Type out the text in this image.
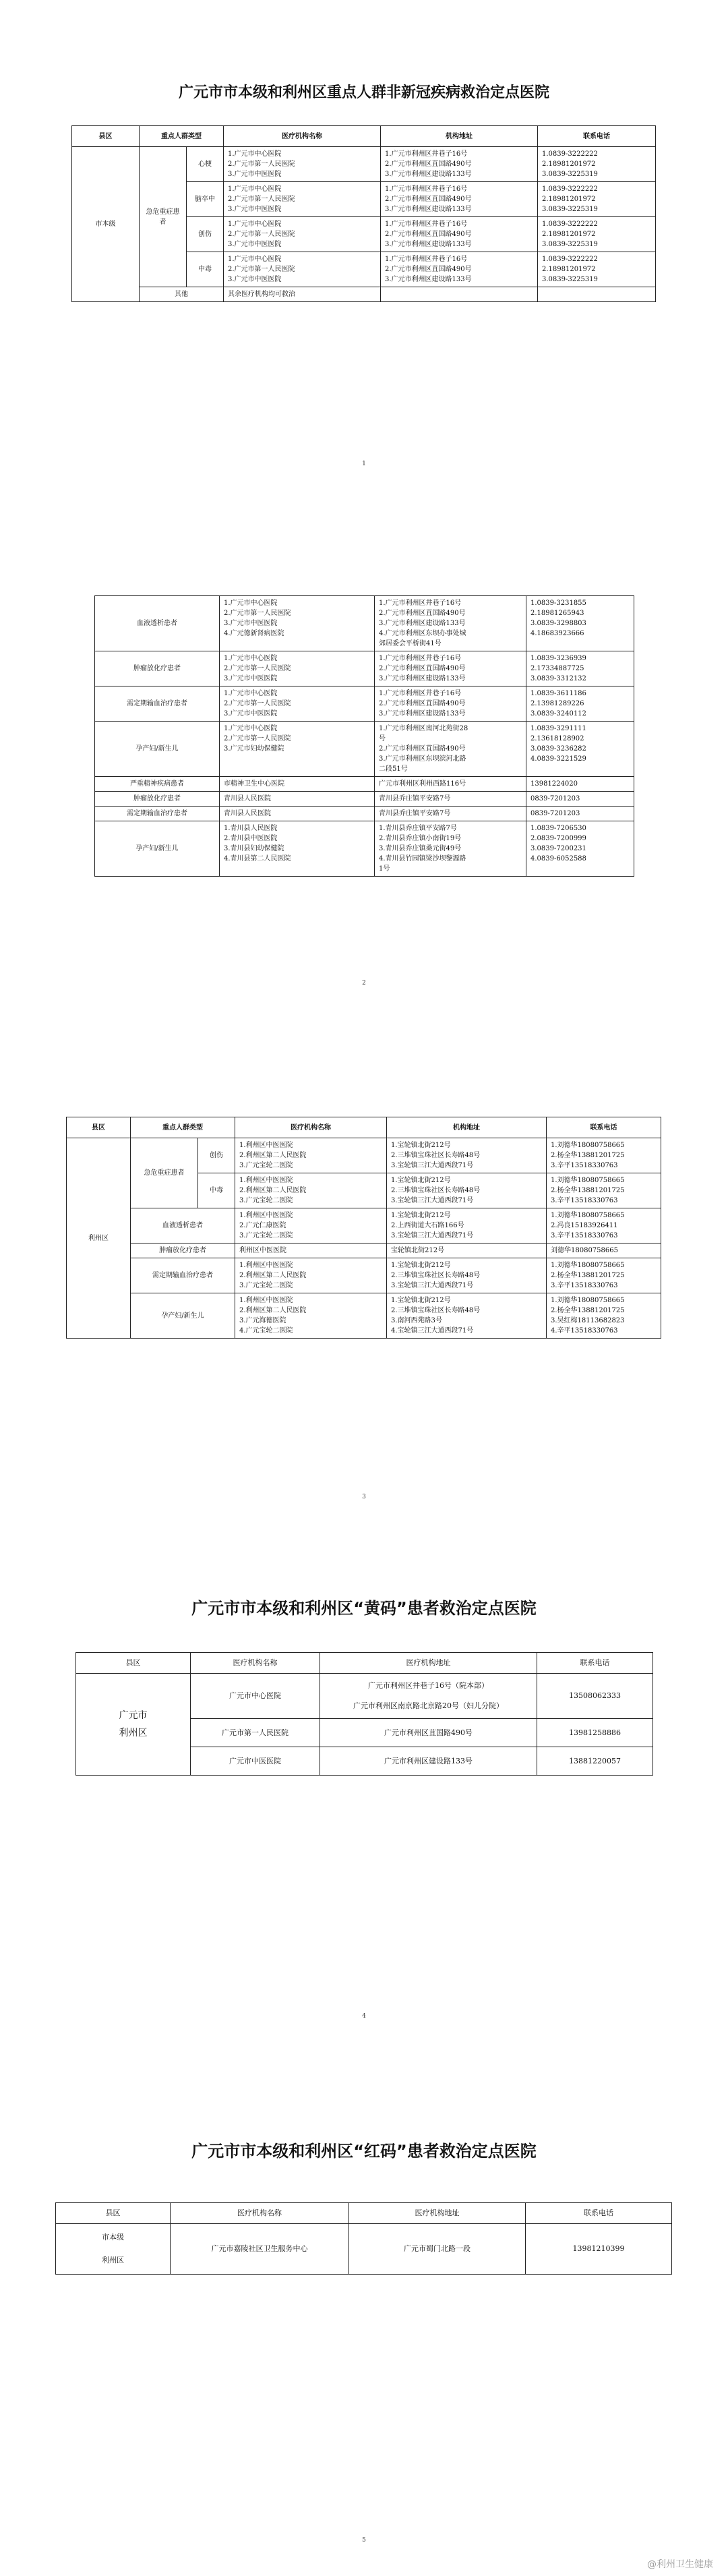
广元市市本级和利州区重点人群非新冠疾病救治定点医院
县区	重点人群类型		医疗机构名称	机构地址	联系电话
市本级	急危重症患者	心梗	1.广元市中心医院
2.广元市第一人民医院
3.广元市中医医院	1.广元市利州区井巷子16号
2.广元市利州区苴国路490号
3.广元市利州区建设路133号	1.0839-3222222
2.18981201972
3.0839-3225319

		脑卒中	1.广元市中心医院
2.广元市第一人民医院
3.广元市中医医院	1.广元市利州区井巷子16号
2.广元市利州区苴国路490号
3.广元市利州区建设路133号	1.0839-3222222
2.18981201972
3.0839-3225319

		创伤	1.广元市中心医院
2.广元市第一人民医院
3.广元市中医医院	1.广元市利州区井巷子16号
2.广元市利州区苴国路490号
3.广元市利州区建设路133号	1.0839-3222222
2.18981201972
3.0839-3225319

		中毒	1.广元市中心医院
2.广元市第一人民医院
3.广元市中医医院	1.广元市利州区井巷子16号
2.广元市利州区苴国路490号
3.广元市利州区建设路133号	1.0839-3222222
2.18981201972
3.0839-3225319

	其他		其余医疗机构均可救治		
1
血液透析患者	1.广元市中心医院
2.广元市第一人民医院
3.广元市中医医院
4.广元德新肾病医院	1.广元市利州区井巷子16号
2.广元市利州区苴国路490号
3.广元市利州区建设路133号
4.广元市利州区东坝办事处城
郊居委会平桥街41号	1.0839-3231855
2.18981265943
3.0839-3298803
4.18683923666

肿瘤放化疗患者	1.广元市中心医院
2.广元市第一人民医院
3.广元市中医医院	1.广元市利州区井巷子16号
2.广元市利州区苴国路490号
3.广元市利州区建设路133号	1.0839-3236939
2.17334887725
3.0839-3312132

需定期输血治疗患者	1.广元市中心医院
2.广元市第一人民医院
3.广元市中医医院	1.广元市利州区井巷子16号
2.广元市利州区苴国路490号
3.广元市利州区建设路133号	1.0839-3611186
2.13981289226
3.0839-3240112

孕产妇/新生儿	1.广元市中心医院
2.广元市第一人民医院
3.广元市妇幼保健院	1.广元市利州区南河北苑街28
号
2.广元市利州区苴国路490号
3.广元市利州区东坝滨河北路
二段51号	1.0839-3291111
2.13618128902
3.0839-3236282
4.0839-3221529

严重精神疾病患者	市精神卫生中心医院	广元市利州区利州西路116号	13981224020
肿瘤放化疗患者	青川县人民医院	青川县乔庄镇平安路7号	0839-7201203
需定期输血治疗患者	青川县人民医院	青川县乔庄镇平安路7号	0839-7201203
孕产妇/新生儿	1.青川县人民医院
2.青川县中医医院
3.青川县妇幼保健院
4.青川县第二人民医院	1.青川县乔庄镇平安路7号
2.青川县乔庄镇小南街19号
3.青川县乔庄镇桑元街49号
4.青川县竹园镇梁沙坝黎源路
1号	1.0839-7206530
2.0839-7200999
3.0839-7200231
4.0839-6052588
2
县区	重点人群类型		医疗机构名称	机构地址	联系电话
利州区	急危重症患者	创伤	1.利州区中医医院
2.利州区第二人民医院
3.广元宝轮二医院	1.宝轮镇北街212号
2.三堆镇宝珠社区长寿路48号
3.宝轮镇三江大道西段71号	1.刘德华18080758665
2.杨全华13881201725
3.辛平13518330763

		中毒	1.利州区中医医院
2.利州区第二人民医院
3.广元宝轮二医院	1.宝轮镇北街212号
2.三堆镇宝珠社区长寿路48号
3.宝轮镇三江大道西段71号	1.刘德华18080758665
2.杨全华13881201725
3.辛平13518330763

	血液透析患者		1.利州区中医医院
2.广元仁康医院
3.广元宝轮二医院	1.宝轮镇北街212号
2.上西街道大石路166号
3.宝轮镇三江大道西段71号	1.刘德华18080758665
2.冯良15183926411
3.辛平13518330763

	肿瘤放化疗患者		利州区中医医院	宝轮镇北街212号	刘德华18080758665
	需定期输血治疗患者		1.利州区中医医院
2.利州区第二人民医院
3.广元宝轮二医院	1.宝轮镇北街212号
2.三堆镇宝珠社区长寿路48号
3.宝轮镇三江大道西段71号	1.刘德华18080758665
2.杨全华13881201725
3.辛平13518330763

	孕产妇/新生儿		1.利州区中医医院
2.利州区第二人民医院
3.广元海德医院
4.广元宝轮二医院	1.宝轮镇北街212号
2.三堆镇宝珠社区长寿路48号
3.南河西苑路3号
4.宝轮镇三江大道西段71号	1.刘德华18080758665
2.杨全华13881201725
3.吴红梅18113682823
4.辛平13518330763
3
广元市市本级和利州区“黄码”患者救治定点医院
县区	医疗机构名称	医疗机构地址	联系电话

广元市
利州区	广元市中心医院	广元市利州区井巷子16号（院本部）
广元市利州区南京路北京路20号（妇儿分院）	13508062333
	广元市第一人民医院	广元市利州区苴国路490号	13981258886
	广元市中医医院	广元市利州区建设路133号	13881220057
4
广元市市本级和利州区“红码”患者救治定点医院
县区	医疗机构名称	医疗机构地址	联系电话

市本级
利州区	广元市嘉陵社区卫生服务中心	广元市蜀门北路一段	13981210399
5
@利州卫生健康
